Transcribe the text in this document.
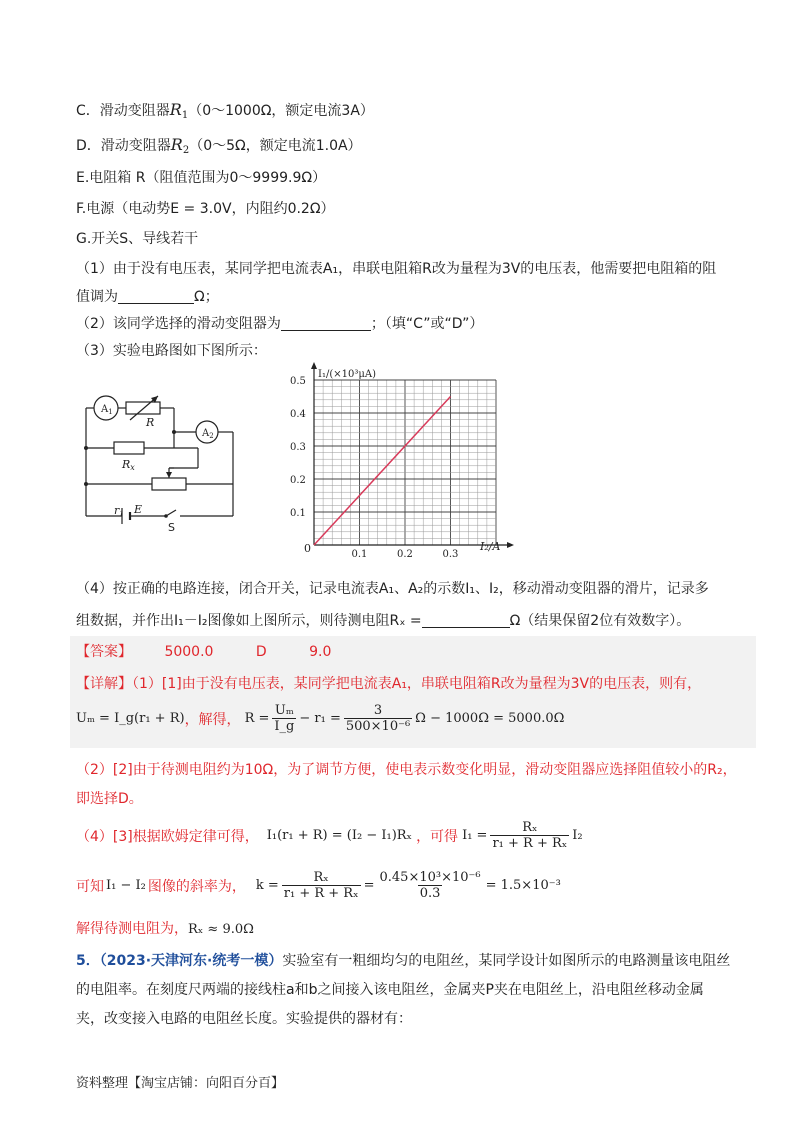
C．滑动变阻器$R_1(0\sim 1000\Omega$，额定电流3A）
D．滑动变阻器$R_2(0\sim 5\Omega$，额定电流1.0A）
E.电阻箱 R（阻值范围为0～9999.9Ω）
F.电源（电动势E = 3.0V，内阻约0.2Ω）
G.开关S、导线若干
（1）由于没有电压表，某同学把电流表A₁，串联电阻箱R改为量程为3V的电压表，他需要把电阻箱的阻
值调为	Ω；
（2）该同学选择的滑动变阻器为	；（填“C”或“D”）
（3）实验电路图如下图所示：
$A_1$
$A_2$
R
Rx
r1 E
S
0.1	0.2	0.3
0.1
0.2
0.3
0.4
0.5
I₁/(×10³μA)
I₂/A
0
（4）按正确的电路连接，闭合开关，记录电流表A₁、A₂的示数I₁、I₂，移动滑动变阻器的滑片，记录多
组数据，并作出I₁－I₂图像如上图所示，则待测电阻Rₓ =	Ω（结果保留2位有效数字）。
【答案】 5000.0	D	9.0
【详解】（1）[1]由于没有电压表，某同学把电流表A₁，串联电阻箱R改为量程为3V的电压表，则有，
Uₘ = I_g(r₁ + R) ，解得， $R = \frac{\text{Uₘ}}{I\_g} - r_1 = \frac{3}{\text{500×10⁻⁶}}$ Ω − 1000Ω = 5000.0Ω
（2）[2]由于待测电阻约为10Ω，为了调节方便，使电表示数变化明显，滑动变阻器应选择阻值较小的R₂，
即选择D。
（4）[3]根据欧姆定律可得， I₁(r₁ + R) = (I₂ − I₁)Rₓ ，可得 $I_1 = \frac{\text{Rₓ}}{\text{r₁ + R + Rₓ}} I_2$
可知 I₁ − I₂ 图像的斜率为， $k = \frac{\text{Rₓ}}{\text{r₁ + R + Rₓ}} = \frac{\text{0.45×10³×10⁻⁶}}{0.3} = 1.5\times 10^{-3}$
解得待测电阻为，Rₓ ≈ 9.0Ω
5．（2023·天津河东·统考一模）实验室有一粗细均匀的电阻丝，某同学设计如图所示的电路测量该电阻丝
的电阻率。在刻度尺两端的接线柱a和b之间接入该电阻丝，金属夹P夹在电阻丝上，沿电阻丝移动金属
夹，改变接入电路的电阻丝长度。实验提供的器材有：
资料整理【淘宝店铺：向阳百分百】
